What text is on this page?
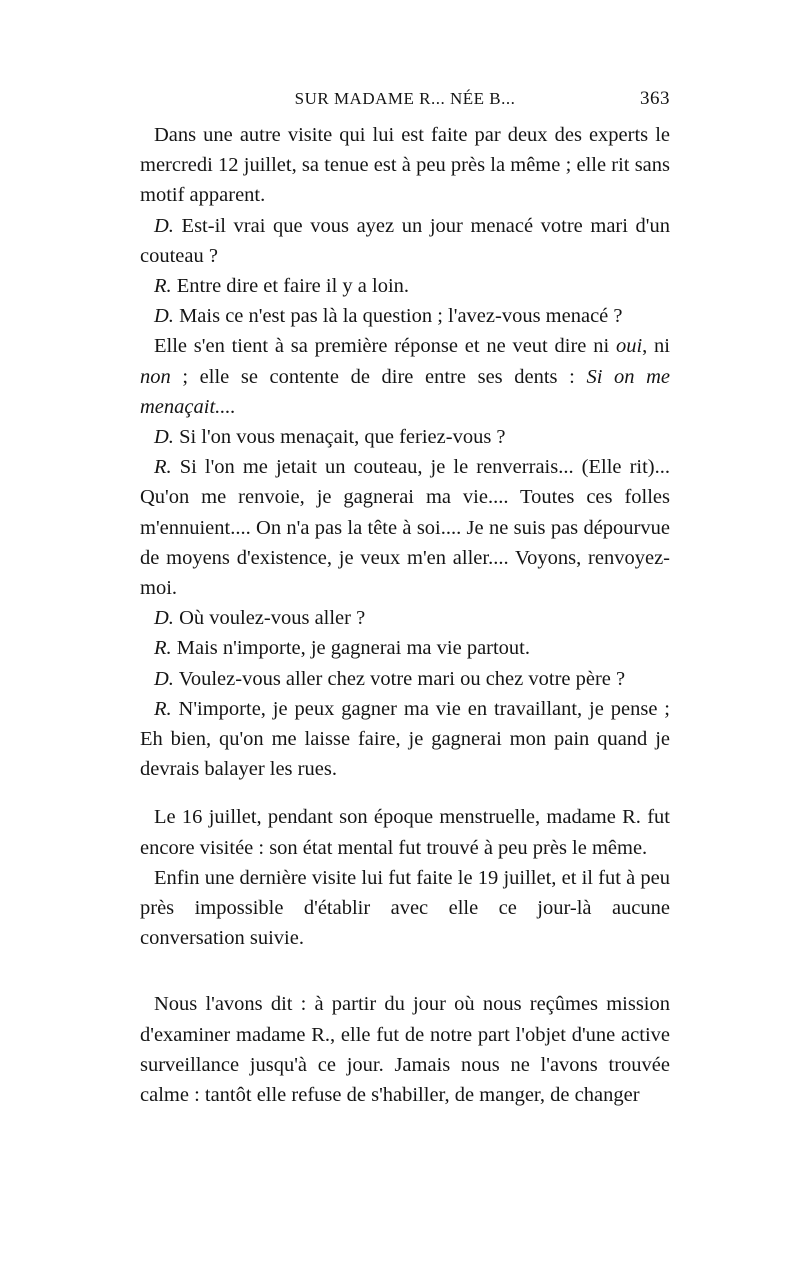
SUR MADAME R... NÉE B...	363

Dans une autre visite qui lui est faite par deux des experts le mercredi 12 juillet, sa tenue est à peu près la même ; elle rit sans motif apparent.

D. Est-il vrai que vous ayez un jour menacé votre mari d'un couteau ?

R. Entre dire et faire il y a loin.

D. Mais ce n'est pas là la question ; l'avez-vous menacé ?

Elle s'en tient à sa première réponse et ne veut dire ni oui, ni non ; elle se contente de dire entre ses dents : Si on me menaçait....

D. Si l'on vous menaçait, que feriez-vous ?

R. Si l'on me jetait un couteau, je le renverrais... (Elle rit)... Qu'on me renvoie, je gagnerai ma vie.... Toutes ces folles m'ennuient.... On n'a pas la tête à soi.... Je ne suis pas dépourvue de moyens d'existence, je veux m'en aller.... Voyons, renvoyez-moi.

D. Où voulez-vous aller ?

R. Mais n'importe, je gagnerai ma vie partout.

D. Voulez-vous aller chez votre mari ou chez votre père ?

R. N'importe, je peux gagner ma vie en travaillant, je pense ; Eh bien, qu'on me laisse faire, je gagnerai mon pain quand je devrais balayer les rues.

Le 16 juillet, pendant son époque menstruelle, madame R. fut encore visitée : son état mental fut trouvé à peu près le même.

Enfin une dernière visite lui fut faite le 19 juillet, et il fut à peu près impossible d'établir avec elle ce jour-là aucune conversation suivie.

Nous l'avons dit : à partir du jour où nous reçûmes mission d'examiner madame R., elle fut de notre part l'objet d'une active surveillance jusqu'à ce jour. Jamais nous ne l'avons trouvée calme : tantôt elle refuse de s'habiller, de manger, de changer
